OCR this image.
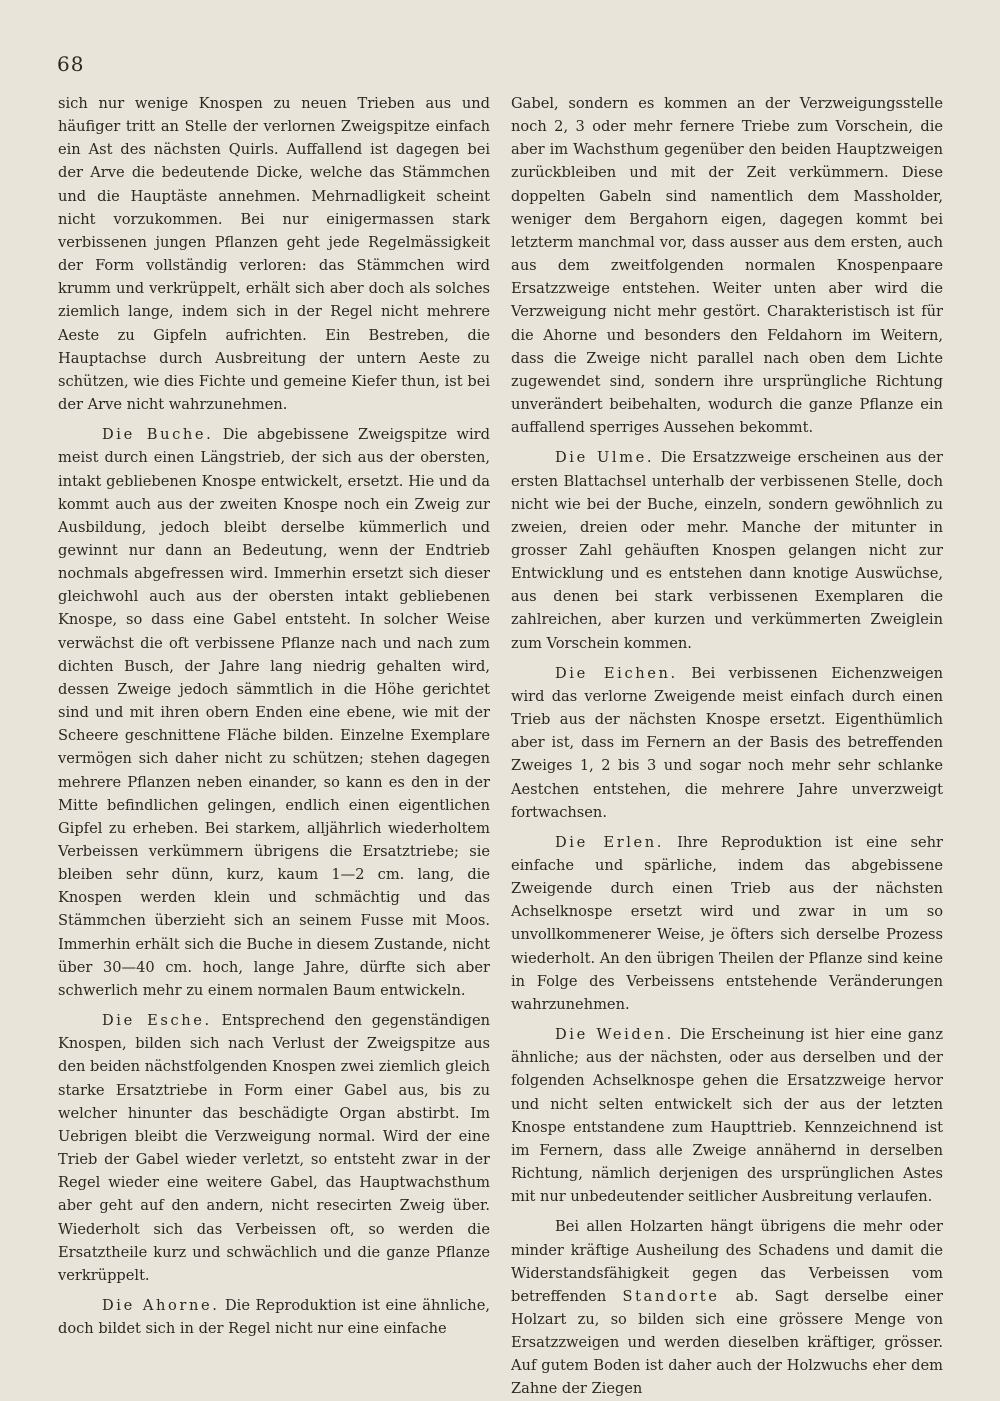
68

sich nur wenige Knospen zu neuen Trieben aus und häufiger tritt an Stelle der verlornen Zweigspitze einfach ein Ast des nächsten Quirls. Auffallend ist dagegen bei der Arve die bedeutende Dicke, welche das Stämmchen und die Hauptäste annehmen. Mehrnadligkeit scheint nicht vorzukommen. Bei nur einigermassen stark verbissenen jungen Pflanzen geht jede Regelmässigkeit der Form vollständig verloren: das Stämmchen wird krumm und verkrüppelt, erhält sich aber doch als solches ziemlich lange, indem sich in der Regel nicht mehrere Aeste zu Gipfeln aufrichten. Ein Bestreben, die Hauptachse durch Ausbreitung der untern Aeste zu schützen, wie dies Fichte und gemeine Kiefer thun, ist bei der Arve nicht wahrzunehmen.

Die Buche. Die abgebissene Zweigspitze wird meist durch einen Längstrieb, der sich aus der obersten, intakt gebliebenen Knospe entwickelt, ersetzt. Hie und da kommt auch aus der zweiten Knospe noch ein Zweig zur Ausbildung, jedoch bleibt derselbe kümmerlich und gewinnt nur dann an Bedeutung, wenn der Endtrieb nochmals abgefressen wird. Immerhin ersetzt sich dieser gleichwohl auch aus der obersten intakt gebliebenen Knospe, so dass eine Gabel entsteht. In solcher Weise verwächst die oft verbissene Pflanze nach und nach zum dichten Busch, der Jahre lang niedrig gehalten wird, dessen Zweige jedoch sämmtlich in die Höhe gerichtet sind und mit ihren obern Enden eine ebene, wie mit der Scheere geschnittene Fläche bilden. Einzelne Exemplare vermögen sich daher nicht zu schützen; stehen dagegen mehrere Pflanzen neben einander, so kann es den in der Mitte befindlichen gelingen, endlich einen eigentlichen Gipfel zu erheben. Bei starkem, alljährlich wiederholtem Verbeissen verkümmern übrigens die Ersatztriebe; sie bleiben sehr dünn, kurz, kaum 1—2 cm. lang, die Knospen werden klein und schmächtig und das Stämmchen überzieht sich an seinem Fusse mit Moos. Immerhin erhält sich die Buche in diesem Zustande, nicht über 30—40 cm. hoch, lange Jahre, dürfte sich aber schwerlich mehr zu einem normalen Baum entwickeln.

Die Esche. Entsprechend den gegenständigen Knospen, bilden sich nach Verlust der Zweigspitze aus den beiden nächstfolgenden Knospen zwei ziemlich gleich starke Ersatztriebe in Form einer Gabel aus, bis zu welcher hinunter das beschädigte Organ abstirbt. Im Uebrigen bleibt die Verzweigung normal. Wird der eine Trieb der Gabel wieder verletzt, so entsteht zwar in der Regel wieder eine weitere Gabel, das Hauptwachsthum aber geht auf den andern, nicht resecirten Zweig über. Wiederholt sich das Verbeissen oft, so werden die Ersatztheile kurz und schwächlich und die ganze Pflanze verkrüppelt.

Die Ahorne. Die Reproduktion ist eine ähnliche, doch bildet sich in der Regel nicht nur eine einfache

Gabel, sondern es kommen an der Verzweigungsstelle noch 2, 3 oder mehr fernere Triebe zum Vorschein, die aber im Wachsthum gegenüber den beiden Hauptzweigen zurückbleiben und mit der Zeit verkümmern. Diese doppelten Gabeln sind namentlich dem Massholder, weniger dem Bergahorn eigen, dagegen kommt bei letzterm manchmal vor, dass ausser aus dem ersten, auch aus dem zweitfolgenden normalen Knospenpaare Ersatzzweige entstehen. Weiter unten aber wird die Verzweigung nicht mehr gestört. Charakteristisch ist für die Ahorne und besonders den Feldahorn im Weitern, dass die Zweige nicht parallel nach oben dem Lichte zugewendet sind, sondern ihre ursprüngliche Richtung unverändert beibehalten, wodurch die ganze Pflanze ein auffallend sperriges Aussehen bekommt.

Die Ulme. Die Ersatzzweige erscheinen aus der ersten Blattachsel unterhalb der verbissenen Stelle, doch nicht wie bei der Buche, einzeln, sondern gewöhnlich zu zweien, dreien oder mehr. Manche der mitunter in grosser Zahl gehäuften Knospen gelangen nicht zur Entwicklung und es entstehen dann knotige Auswüchse, aus denen bei stark verbissenen Exemplaren die zahlreichen, aber kurzen und verkümmerten Zweiglein zum Vorschein kommen.

Die Eichen. Bei verbissenen Eichenzweigen wird das verlorne Zweigende meist einfach durch einen Trieb aus der nächsten Knospe ersetzt. Eigenthümlich aber ist, dass im Fernern an der Basis des betreffenden Zweiges 1, 2 bis 3 und sogar noch mehr sehr schlanke Aestchen entstehen, die mehrere Jahre unverzweigt fortwachsen.

Die Erlen. Ihre Reproduktion ist eine sehr einfache und spärliche, indem das abgebissene Zweigende durch einen Trieb aus der nächsten Achselknospe ersetzt wird und zwar in um so unvollkommenerer Weise, je öfters sich derselbe Prozess wiederholt. An den übrigen Theilen der Pflanze sind keine in Folge des Verbeissens entstehende Veränderungen wahrzunehmen.

Die Weiden. Die Erscheinung ist hier eine ganz ähnliche; aus der nächsten, oder aus derselben und der folgenden Achselknospe gehen die Ersatzzweige hervor und nicht selten entwickelt sich der aus der letzten Knospe entstandene zum Haupttrieb. Kennzeichnend ist im Fernern, dass alle Zweige annähernd in derselben Richtung, nämlich derjenigen des ursprünglichen Astes mit nur unbedeutender seitlicher Ausbreitung verlaufen.

Bei allen Holzarten hängt übrigens die mehr oder minder kräftige Ausheilung des Schadens und damit die Widerstandsfähigkeit gegen das Verbeissen vom betreffenden Standorte ab. Sagt derselbe einer Holzart zu, so bilden sich eine grössere Menge von Ersatzzweigen und werden dieselben kräftiger, grösser. Auf gutem Boden ist daher auch der Holzwuchs eher dem Zahne der Ziegen
